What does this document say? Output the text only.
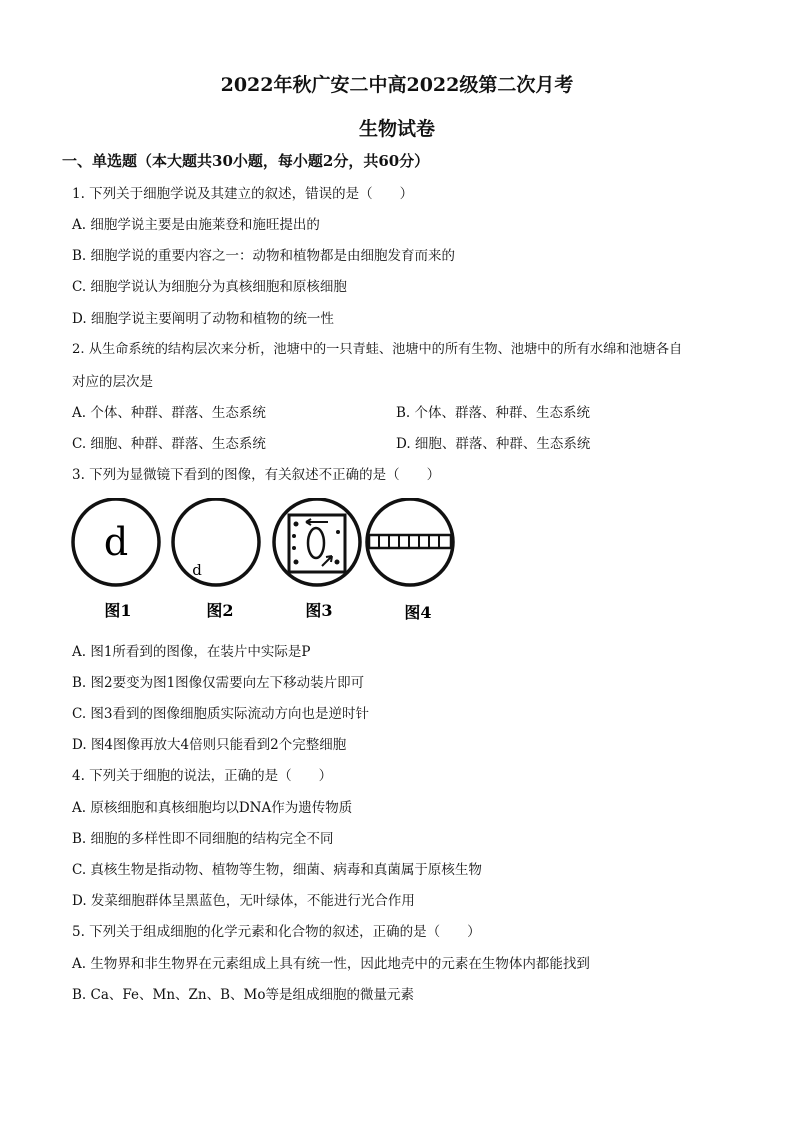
2022年秋广安二中高2022级第二次月考
生物试卷
一、单选题（本大题共30小题，每小题2分，共60分）
1. 下列关于细胞学说及其建立的叙述，错误的是（　　）
A. 细胞学说主要是由施莱登和施旺提出的
B. 细胞学说的重要内容之一：动物和植物都是由细胞发育而来的
C. 细胞学说认为细胞分为真核细胞和原核细胞
D. 细胞学说主要阐明了动物和植物的统一性
2. 从生命系统的结构层次来分析，池塘中的一只青蛙、池塘中的所有生物、池塘中的所有水绵和池塘各自
对应的层次是
A. 个体、种群、群落、生态系统	B. 个体、群落、种群、生态系统
C. 细胞、种群、群落、生态系统	D. 细胞、群落、种群、生态系统
3. 下列为显微镜下看到的图像，有关叙述不正确的是（　　）
d
图1
d
图2	图3	图4
A. 图1所看到的图像，在装片中实际是P
B. 图2要变为图1图像仅需要向左下移动装片即可
C. 图3看到的图像细胞质实际流动方向也是逆时针
D. 图4图像再放大4倍则只能看到2个完整细胞
4. 下列关于细胞的说法，正确的是（　　）
A. 原核细胞和真核细胞均以DNA作为遗传物质
B. 细胞的多样性即不同细胞的结构完全不同
C. 真核生物是指动物、植物等生物，细菌、病毒和真菌属于原核生物
D. 发菜细胞群体呈黑蓝色，无叶绿体，不能进行光合作用
5. 下列关于组成细胞的化学元素和化合物的叙述，正确的是（　　）
A. 生物界和非生物界在元素组成上具有统一性，因此地壳中的元素在生物体内都能找到
B. Ca、Fe、Mn、Zn、B、Mo等是组成细胞的微量元素
